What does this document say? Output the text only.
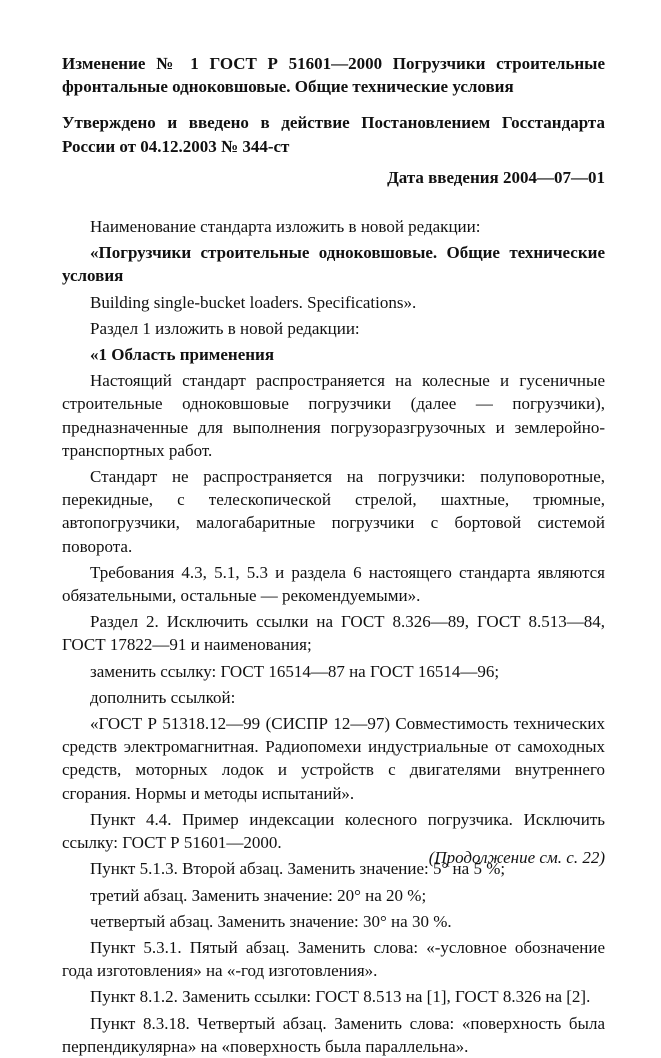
Изменение № 1 ГОСТ Р 51601—2000 Погрузчики строительные фронтальные одноковшовые. Общие технические условия

Утверждено и введено в действие Постановлением Госстандарта России от 04.12.2003 № 344-ст

Дата введения 2004—07—01

Наименование стандарта изложить в новой редакции:

«Погрузчики строительные одноковшовые. Общие технические условия

Building single-bucket loaders. Specifications».

Раздел 1 изложить в новой редакции:

«1 Область применения

Настоящий стандарт распространяется на колесные и гусеничные строительные одноковшовые погрузчики (далее — погрузчики), предназначенные для выполнения погрузоразгрузочных и землеройно-транспортных работ.

Стандарт не распространяется на погрузчики: полуповоротные, перекидные, с телескопической стрелой, шахтные, трюмные, автопогрузчики, малогабаритные погрузчики с бортовой системой поворота.

Требования 4.3, 5.1, 5.3 и раздела 6 настоящего стандарта являются обязательными, остальные — рекомендуемыми».

Раздел 2. Исключить ссылки на ГОСТ 8.326—89, ГОСТ 8.513—84, ГОСТ 17822—91 и наименования;

заменить ссылку: ГОСТ 16514—87 на ГОСТ 16514—96;

дополнить ссылкой:

«ГОСТ Р 51318.12—99 (СИСПР 12—97) Совместимость технических средств электромагнитная. Радиопомехи индустриальные от самоходных средств, моторных лодок и устройств с двигателями внутреннего сгорания. Нормы и методы испытаний».

Пункт 4.4. Пример индексации колесного погрузчика. Исключить ссылку: ГОСТ Р 51601—2000.

Пункт 5.1.3. Второй абзац. Заменить значение: 5° на 5 %;

третий абзац. Заменить значение: 20° на 20 %;

четвертый абзац. Заменить значение: 30° на 30 %.

Пункт 5.3.1. Пятый абзац. Заменить слова: «-условное обозначение года изготовления» на «-год изготовления».

Пункт 8.1.2. Заменить ссылки: ГОСТ 8.513 на [1], ГОСТ 8.326 на [2].

Пункт 8.3.18. Четвертый абзац. Заменить слова: «поверхность была перпендикулярна» на «поверхность была параллельна».

(Продолжение см. с. 22)
